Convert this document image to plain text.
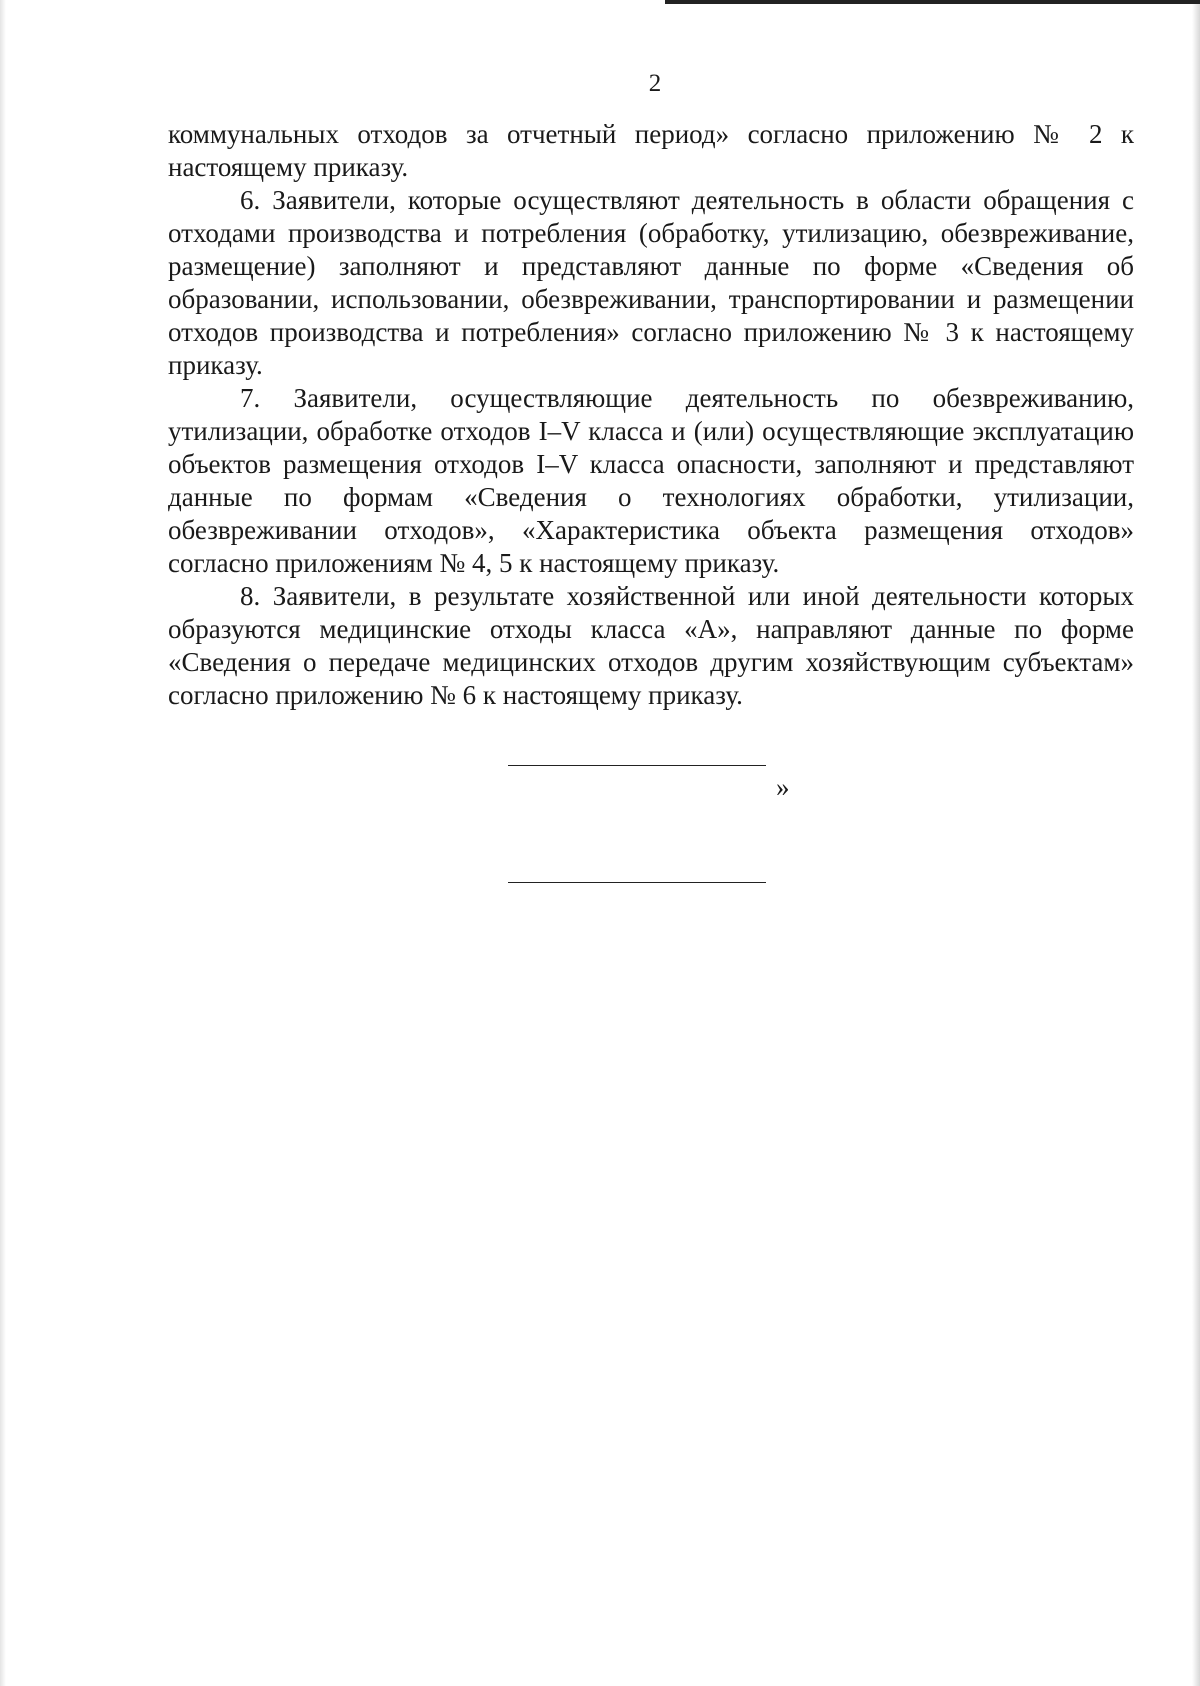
2

коммунальных отходов за отчетный период» согласно приложению № 2 к настоящему приказу.

6. Заявители, которые осуществляют деятельность в области обращения с отходами производства и потребления (обработку, утилизацию, обезвреживание, размещение) заполняют и представляют данные по форме «Сведения об образовании, использовании, обезвреживании, транспортировании и размещении отходов производства и потребления» согласно приложению № 3 к настоящему приказу.

7. Заявители, осуществляющие деятельность по обезвреживанию, утилизации, обработке отходов I–V класса и (или) осуществляющие эксплуатацию объектов размещения отходов I–V класса опасности, заполняют и представляют данные по формам «Сведения о технологиях обработки, утилизации, обезвреживании отходов», «Характеристика объекта размещения отходов» согласно приложениям № 4, 5 к настоящему приказу.

8. Заявители, в результате хозяйственной или иной деятельности которых образуются медицинские отходы класса «А», направляют данные по форме «Сведения о передаче медицинских отходов другим хозяйствующим субъектам» согласно приложению № 6 к настоящему приказу.

»
